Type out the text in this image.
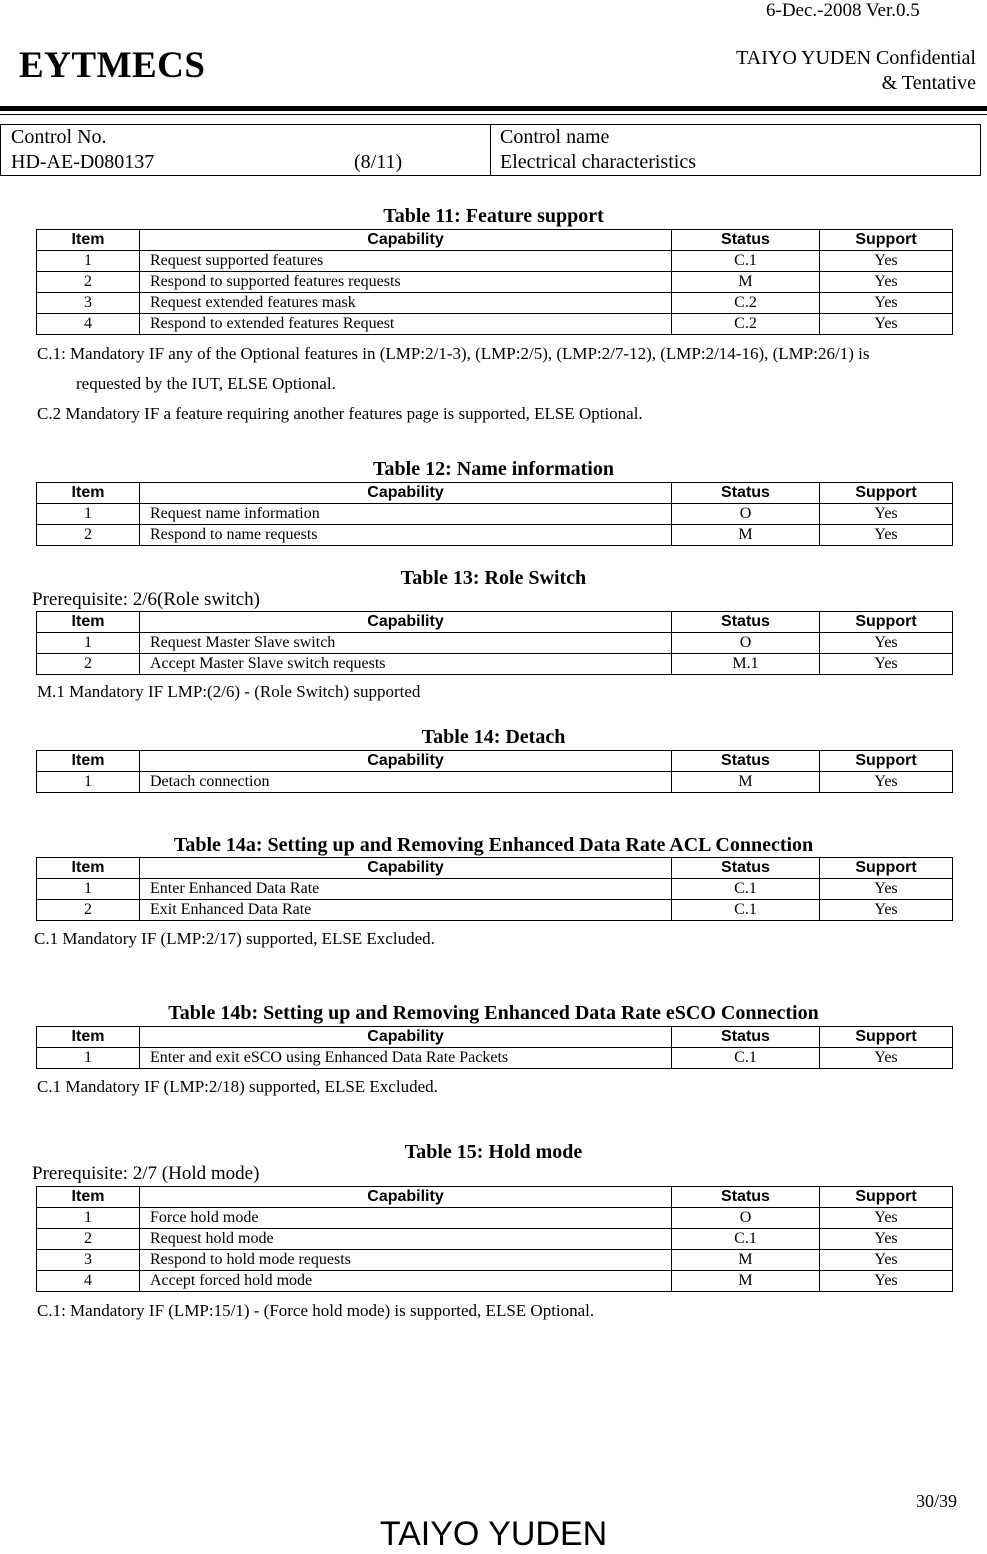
6-Dec.-2008 Ver.0.5
EYTMECS	TAIYO YUDEN Confidential
& Tentative
Control No.
HD-AE-D080137	(8/11)
Control name
Electrical characteristics
Table 11: Feature support
Item	Capability	Status	Support
1	Request supported features	C.1	Yes
2	Respond to supported features requests	M	Yes
3	Request extended features mask	C.2	Yes
4	Respond to extended features Request	C.2	Yes
C.1: Mandatory IF any of the Optional features in (LMP:2/1-3), (LMP:2/5), (LMP:2/7-12), (LMP:2/14-16), (LMP:26/1) is
requested by the IUT, ELSE Optional.
C.2 Mandatory IF a feature requiring another features page is supported, ELSE Optional.
Table 12: Name information
Item	Capability	Status	Support
1	Request name information	O	Yes
2	Respond to name requests	M	Yes
Table 13: Role Switch
Prerequisite: 2/6(Role switch)
Item	Capability	Status	Support
1	Request Master Slave switch	O	Yes
2	Accept Master Slave switch requests	M.1	Yes
M.1 Mandatory IF LMP:(2/6) - (Role Switch) supported
Table 14: Detach
Item	Capability	Status	Support
1	Detach connection	M	Yes
Table 14a: Setting up and Removing Enhanced Data Rate ACL Connection
Item	Capability	Status	Support
1	Enter Enhanced Data Rate	C.1	Yes
2	Exit Enhanced Data Rate	C.1	Yes
C.1 Mandatory IF (LMP:2/17) supported, ELSE Excluded.
Table 14b: Setting up and Removing Enhanced Data Rate eSCO Connection
Item	Capability	Status	Support
1	Enter and exit eSCO using Enhanced Data Rate Packets	C.1	Yes
C.1 Mandatory IF (LMP:2/18) supported, ELSE Excluded.
Table 15: Hold mode
Prerequisite: 2/7 (Hold mode)
Item	Capability	Status	Support
1	Force hold mode	O	Yes
2	Request hold mode	C.1	Yes
3	Respond to hold mode requests	M	Yes
4	Accept forced hold mode	M	Yes
C.1: Mandatory IF (LMP:15/1) - (Force hold mode) is supported, ELSE Optional.
30/39
TAIYO YUDEN
